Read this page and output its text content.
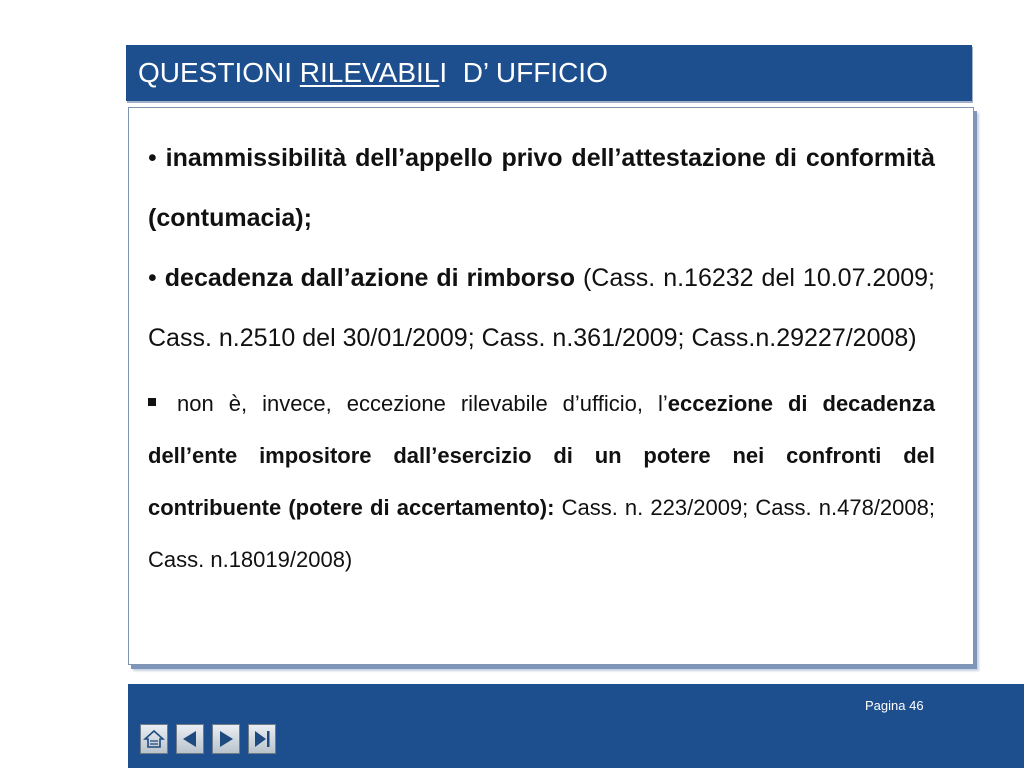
QUESTIONI RILEVABILI  D’ UFFICIO
• inammissibilità dell’appello privo dell’attestazione di conformità (contumacia);
• decadenza dall’azione di rimborso (Cass. n.16232 del 10.07.2009; Cass. n.2510 del 30/01/2009; Cass. n.361/2009; Cass.n.29227/2008)
non è, invece, eccezione rilevabile d’ufficio, l’eccezione di decadenza dell’ente impositore dall’esercizio di un potere nei confronti del contribuente (potere di accertamento): Cass. n. 223/2009; Cass. n.478/2008; Cass. n.18019/2008)
Pagina 46
